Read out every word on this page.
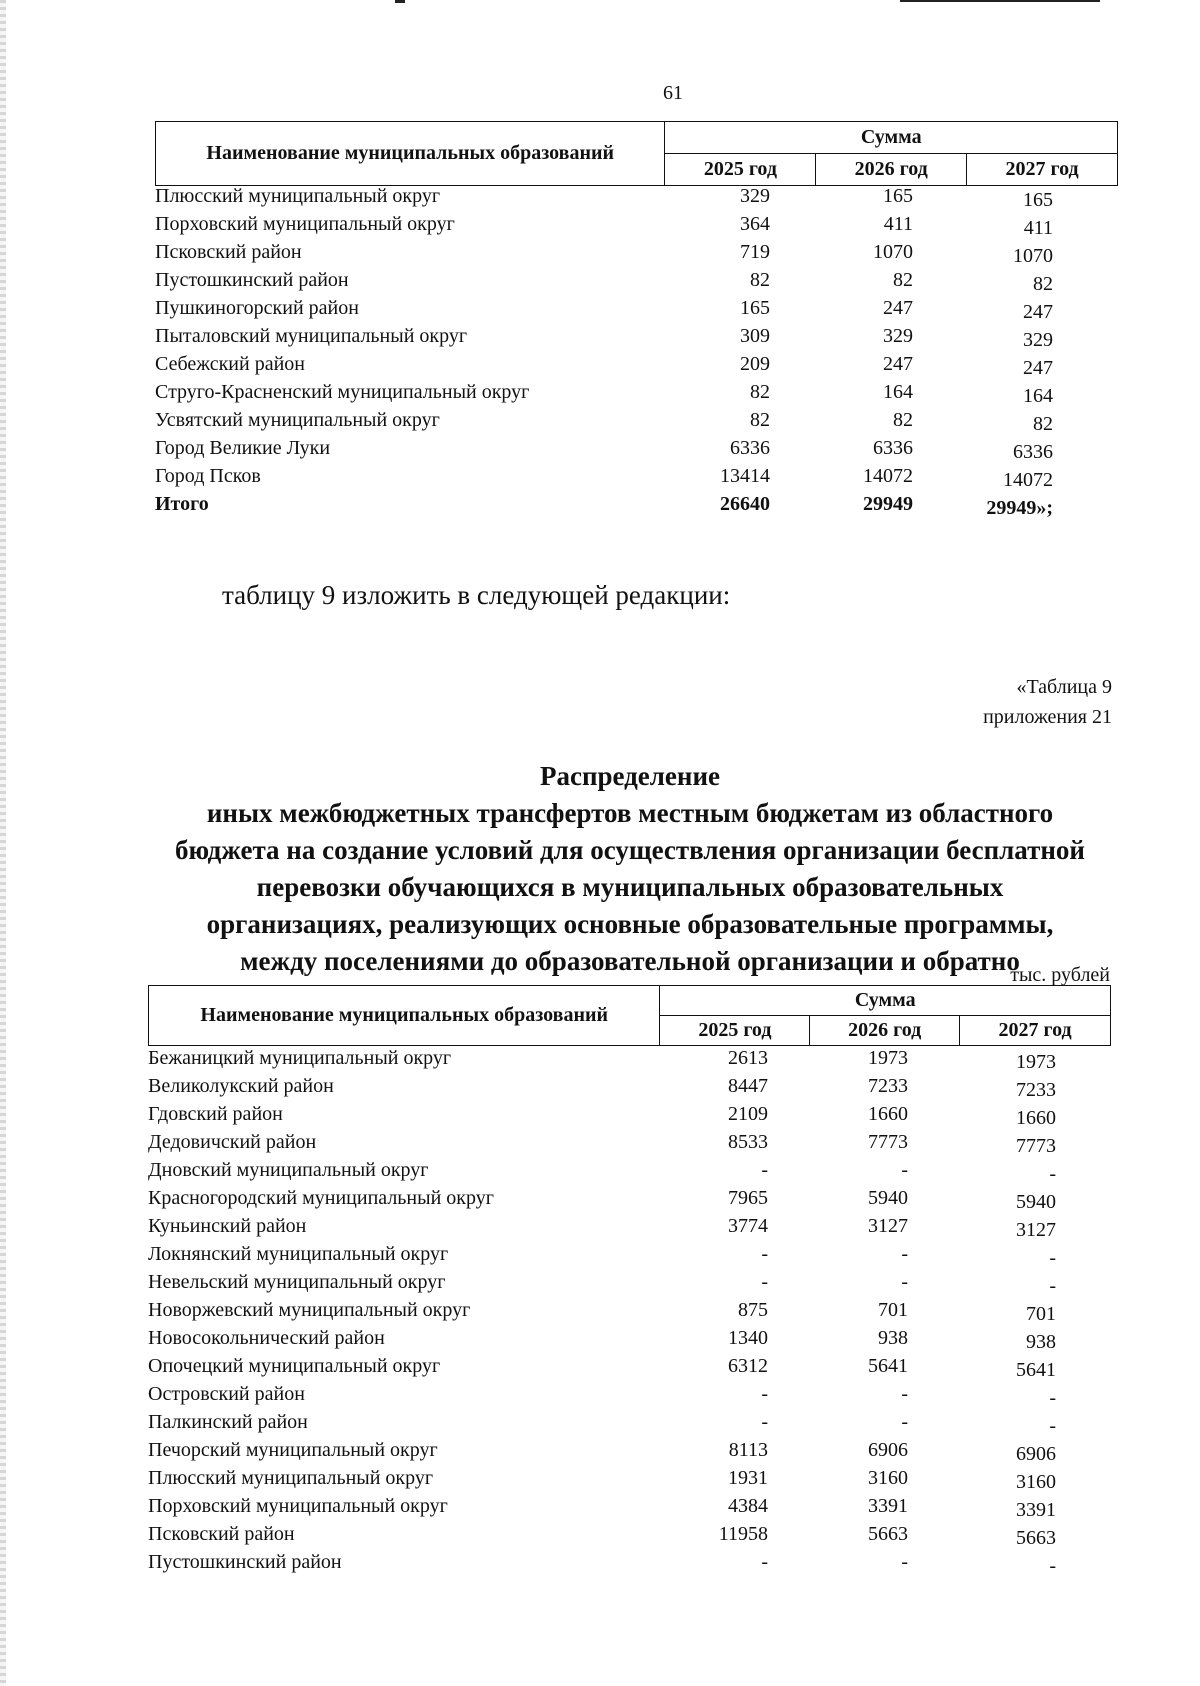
61
Наименование муниципальных образований	Сумма		
	2025 год	2026 год	2027 год
Плюсский муниципальный округ	329	165	165
Порховский муниципальный округ	364	411	411
Псковский район	719	1070	1070
Пустошкинский район	82	82	82
Пушкиногорский район	165	247	247
Пыталовский муниципальный округ	309	329	329
Себежский район	209	247	247
Струго-Красненский муниципальный округ	82	164	164
Усвятский муниципальный округ	82	82	82
Город Великие Луки	6336	6336	6336
Город Псков	13414	14072	14072
Итого	26640	29949	29949»;
таблицу 9 изложить в следующей редакции:
«Таблица 9
приложения 21
Распределение
иных межбюджетных трансфертов местным бюджетам из областного
бюджета на создание условий для осуществления организации бесплатной
перевозки обучающихся в муниципальных образовательных
организациях, реализующих основные образовательные программы,
между поселениями до образовательной организации и обратно
тыс. рублей
Наименование муниципальных образований	Сумма		
	2025 год	2026 год	2027 год
Бежаницкий муниципальный округ	2613	1973	1973
Великолукский район	8447	7233	7233
Гдовский район	2109	1660	1660
Дедовичский район	8533	7773	7773
Дновский муниципальный округ	-	-	-
Красногородский муниципальный округ	7965	5940	5940
Куньинский район	3774	3127	3127
Локнянский муниципальный округ	-	-	-
Невельский муниципальный округ	-	-	-
Новоржевский муниципальный округ	875	701	701
Новосокольнический район	1340	938	938
Опочецкий муниципальный округ	6312	5641	5641
Островский район	-	-	-
Палкинский район	-	-	-
Печорский муниципальный округ	8113	6906	6906
Плюсский муниципальный округ	1931	3160	3160
Порховский муниципальный округ	4384	3391	3391
Псковский район	11958	5663	5663
Пустошкинский район	-	-	-
